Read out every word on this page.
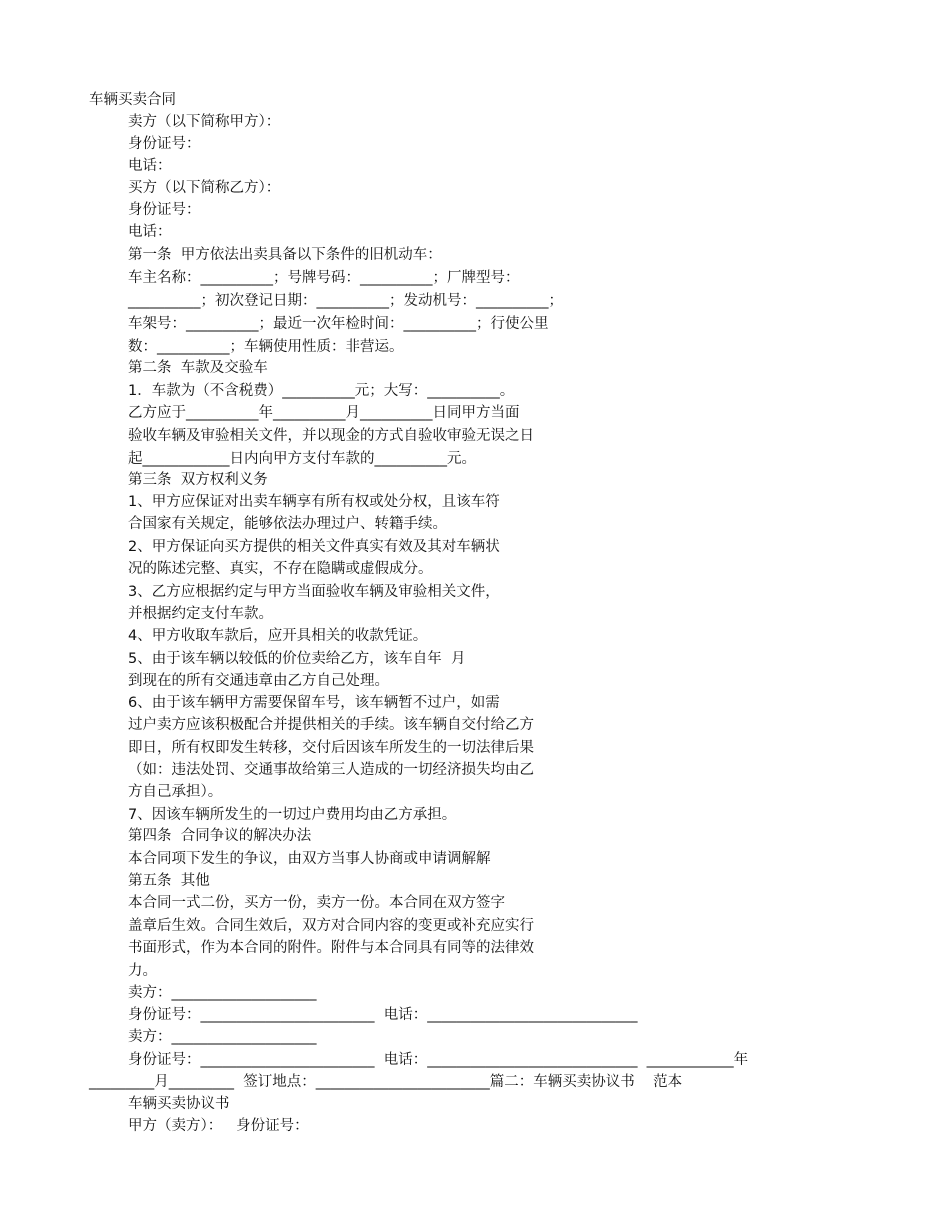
车辆买卖合同
卖方（以下简称甲方）：
身份证号：
电话：
买方（以下简称乙方）：
身份证号：
电话：
第一条  甲方依法出卖具备以下条件的旧机动车：
车主名称：__________；号牌号码：__________；厂牌型号：
__________；初次登记日期：__________；发动机号：__________；
车架号：__________；最近一次年检时间：__________；行使公里
数：__________；车辆使用性质：非营运。
第二条  车款及交验车
1．车款为（不含税费）__________元；大写：__________。
乙方应于__________年__________月__________日同甲方当面
验收车辆及审验相关文件，并以现金的方式自验收审验无误之日
起____________日内向甲方支付车款的__________元。
第三条  双方权利义务
1、甲方应保证对出卖车辆享有所有权或处分权，且该车符
合国家有关规定，能够依法办理过户、转籍手续。
2、甲方保证向买方提供的相关文件真实有效及其对车辆状
况的陈述完整、真实，不存在隐瞒或虚假成分。
3、乙方应根据约定与甲方当面验收车辆及审验相关文件，
并根据约定支付车款。
4、甲方收取车款后，应开具相关的收款凭证。
5、由于该车辆以较低的价位卖给乙方，该车自年  月
到现在的所有交通违章由乙方自己处理。
6、由于该车辆甲方需要保留车号，该车辆暂不过户，如需
过户卖方应该积极配合并提供相关的手续。该车辆自交付给乙方
即日，所有权即发生转移，交付后因该车所发生的一切法律后果
（如：违法处罚、交通事故给第三人造成的一切经济损失均由乙
方自己承担）。
7、因该车辆所发生的一切过户费用均由乙方承担。
第四条  合同争议的解决办法
本合同项下发生的争议，由双方当事人协商或申请调解解
第五条  其他
本合同一式二份，买方一份，卖方一份。本合同在双方签字
盖章后生效。合同生效后，双方对合同内容的变更或补充应实行
书面形式，作为本合同的附件。附件与本合同具有同等的法律效
力。
卖方：____________________
身份证号：________________________  电话：_____________________________
卖方：____________________
身份证号：________________________  电话：_____________________________  ____________年
_________月_________  签订地点：________________________篇二：车辆买卖协议书    范本
车辆买卖协议书
甲方（卖方）：   身份证号：
